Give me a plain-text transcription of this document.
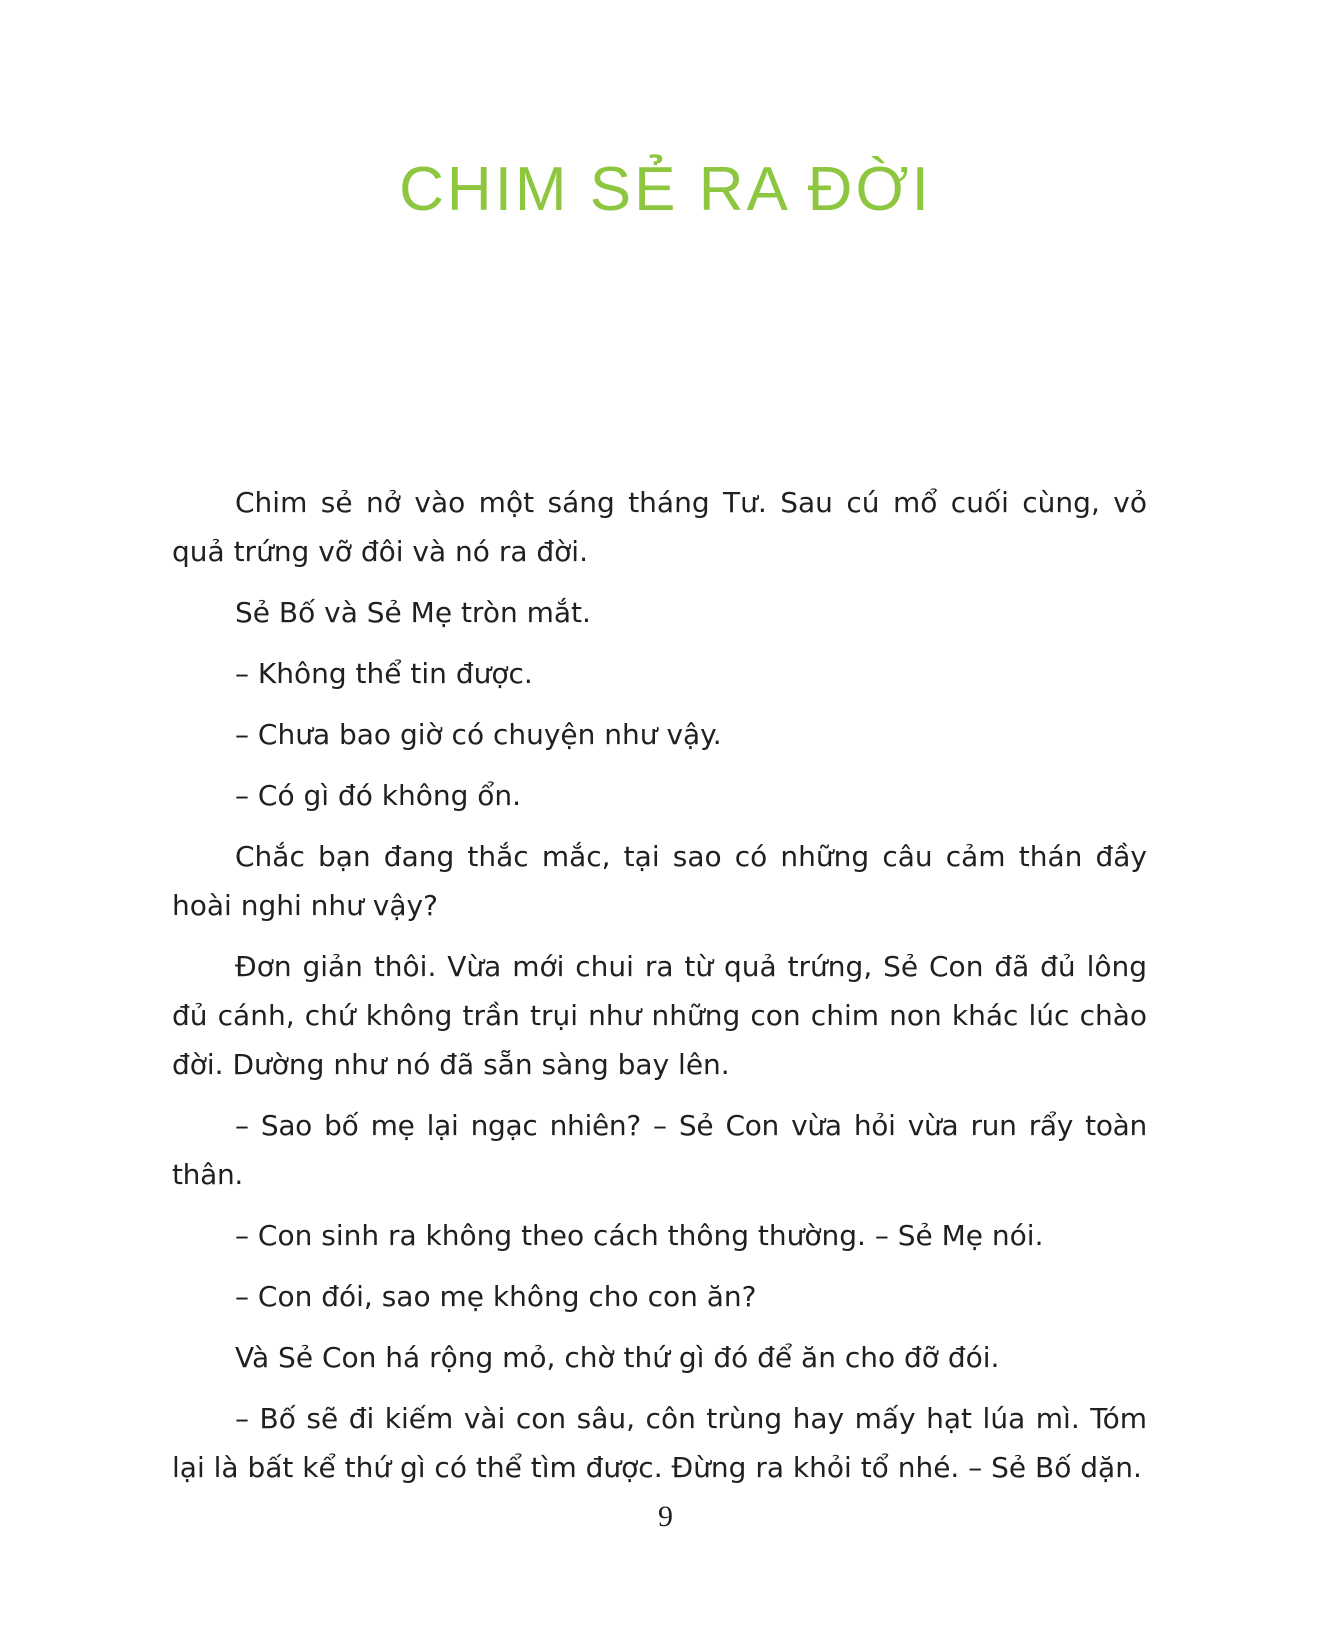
CHIM SẺ RA ĐỜI

Chim sẻ nở vào một sáng tháng Tư. Sau cú mổ cuối cùng, vỏ quả trứng vỡ đôi và nó ra đời.

Sẻ Bố và Sẻ Mẹ tròn mắt.

– Không thể tin được.

– Chưa bao giờ có chuyện như vậy.

– Có gì đó không ổn.

Chắc bạn đang thắc mắc, tại sao có những câu cảm thán đầy hoài nghi như vậy?

Đơn giản thôi. Vừa mới chui ra từ quả trứng, Sẻ Con đã đủ lông đủ cánh, chứ không trần trụi như những con chim non khác lúc chào đời. Dường như nó đã sẵn sàng bay lên.

– Sao bố mẹ lại ngạc nhiên? – Sẻ Con vừa hỏi vừa run rẩy toàn thân.

– Con sinh ra không theo cách thông thường. – Sẻ Mẹ nói.

– Con đói, sao mẹ không cho con ăn?

Và Sẻ Con há rộng mỏ, chờ thứ gì đó để ăn cho đỡ đói.

– Bố sẽ đi kiếm vài con sâu, côn trùng hay mấy hạt lúa mì. Tóm lại là bất kể thứ gì có thể tìm được. Đừng ra khỏi tổ nhé. – Sẻ Bố dặn.

9
